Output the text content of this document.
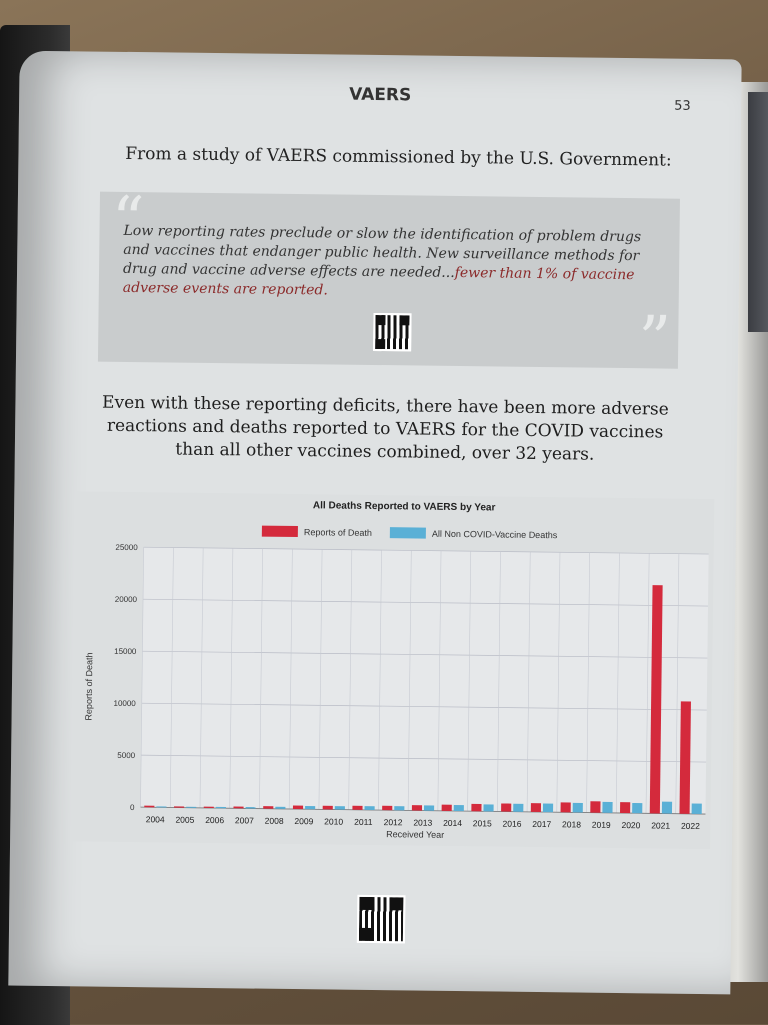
VAERS
53
From a study of VAERS commissioned by the U.S. Government:
“
Low reporting rates preclude or slow the identification of problem drugs and vaccines that endanger public health. New surveillance methods for drug and vaccine adverse effects are needed...fewer than 1% of vaccine adverse events are reported.
”
Even with these reporting deficits, there have been more adverse reactions and deaths reported to VAERS for the COVID vaccines than all other vaccines combined, over 32 years.
All Deaths Reported to VAERS by Year
Reports of Death	All Non COVID-Vaccine Deaths
Reports of Death
Received Year
0
5000
10000
15000
20000
25000
2004 2005 2006 2007 2008 2009 2010 2011 2012 2013 2014 2015 2016 2017 2018 2019 2020 2021 2022
